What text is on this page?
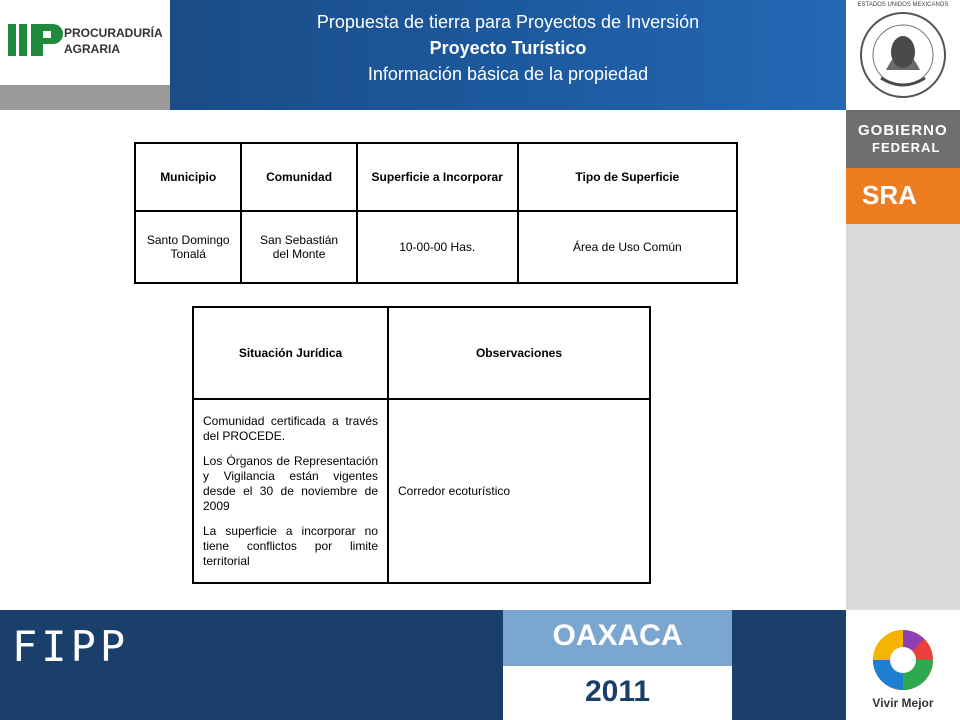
PROCURADURÍA
AGRARIA
Propuesta de tierra para Proyectos de Inversión
Proyecto Turístico
Información básica de la propiedad
ESTADOS UNIDOS MEXICANOS
GOBIERNO
FEDERAL
SRA
Vivir Mejor
Municipio	Comunidad	Superficie a Incorporar	Tipo de Superficie
Santo Domingo Tonalá	San Sebastián del Monte	10-00-00 Has.	Área de Uso Común
Situación Jurídica	Observaciones

Comunidad certificada a través del PROCEDE.

Los Órganos de Representación y Vigilancia están vigentes desde el 30 de noviembre de 2009

La superficie a incorporar no tiene conflictos por limite territorial	Corredor ecoturístico
FIPP	OAXACA
2011
